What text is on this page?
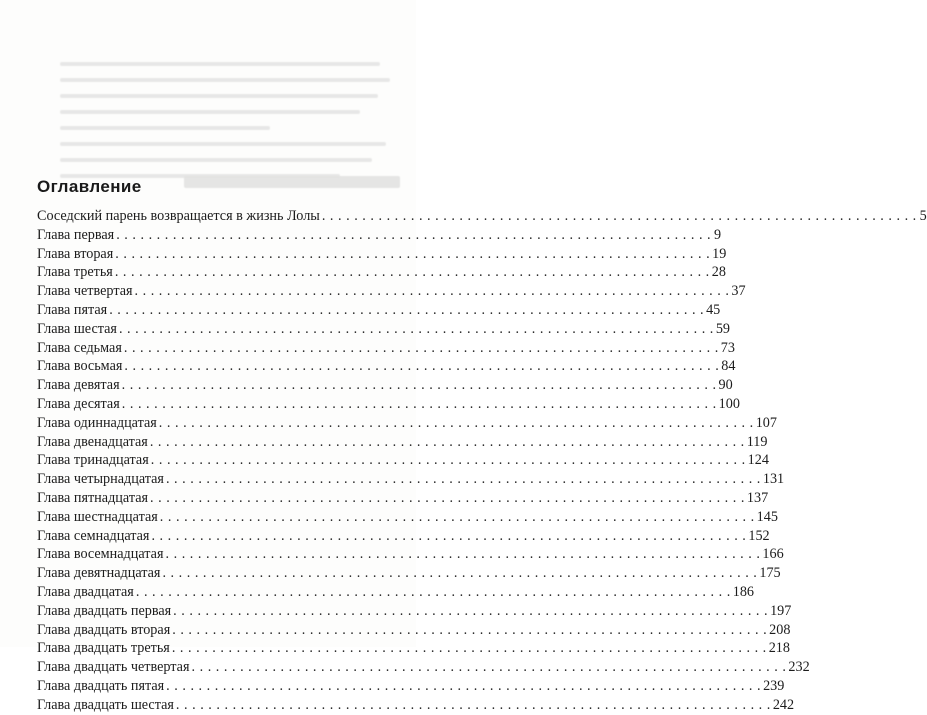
Оглавление
Соседский парень возвращается в жизнь Лолы . . .	5
Глава первая . . .	9
Глава вторая . . .	19
Глава третья . . .	28
Глава четвертая . . .	37
Глава пятая . . .	45
Глава шестая . . .	59
Глава седьмая . . .	73
Глава восьмая . . .	84
Глава девятая . . .	90
Глава десятая . . .	100
Глава одиннадцатая . . .	107
Глава двенадцатая . . .	119
Глава тринадцатая . . .	124
Глава четырнадцатая . . .	131
Глава пятнадцатая . . .	137
Глава шестнадцатая . . .	145
Глава семнадцатая . . .	152
Глава восемнадцатая . . .	166
Глава девятнадцатая . . .	175
Глава двадцатая . . .	186
Глава двадцать первая . . .	197
Глава двадцать вторая . . .	208
Глава двадцать третья . . .	218
Глава двадцать четвертая . . .	232
Глава двадцать пятая . . .	239
Глава двадцать шестая . . .	242
